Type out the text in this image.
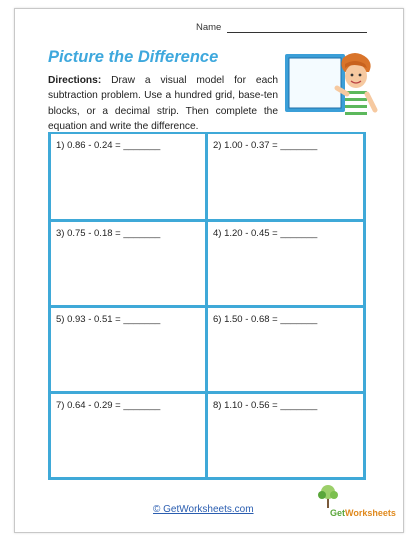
Name
Picture the Difference
Directions: Draw a visual model for each subtraction problem. Use a hundred grid, base-ten blocks, or a decimal strip. Then complete the equation and write the difference.
1) 0.86 - 0.24 = _______	2) 1.00 - 0.37 = _______
3) 0.75 - 0.18 = _______	4) 1.20 - 0.45 = _______
5) 0.93 - 0.51 = _______	6) 1.50 - 0.68 = _______
7) 0.64 - 0.29 = _______	8) 1.10 - 0.56 = _______
© GetWorksheets.com	GetWorksheets
